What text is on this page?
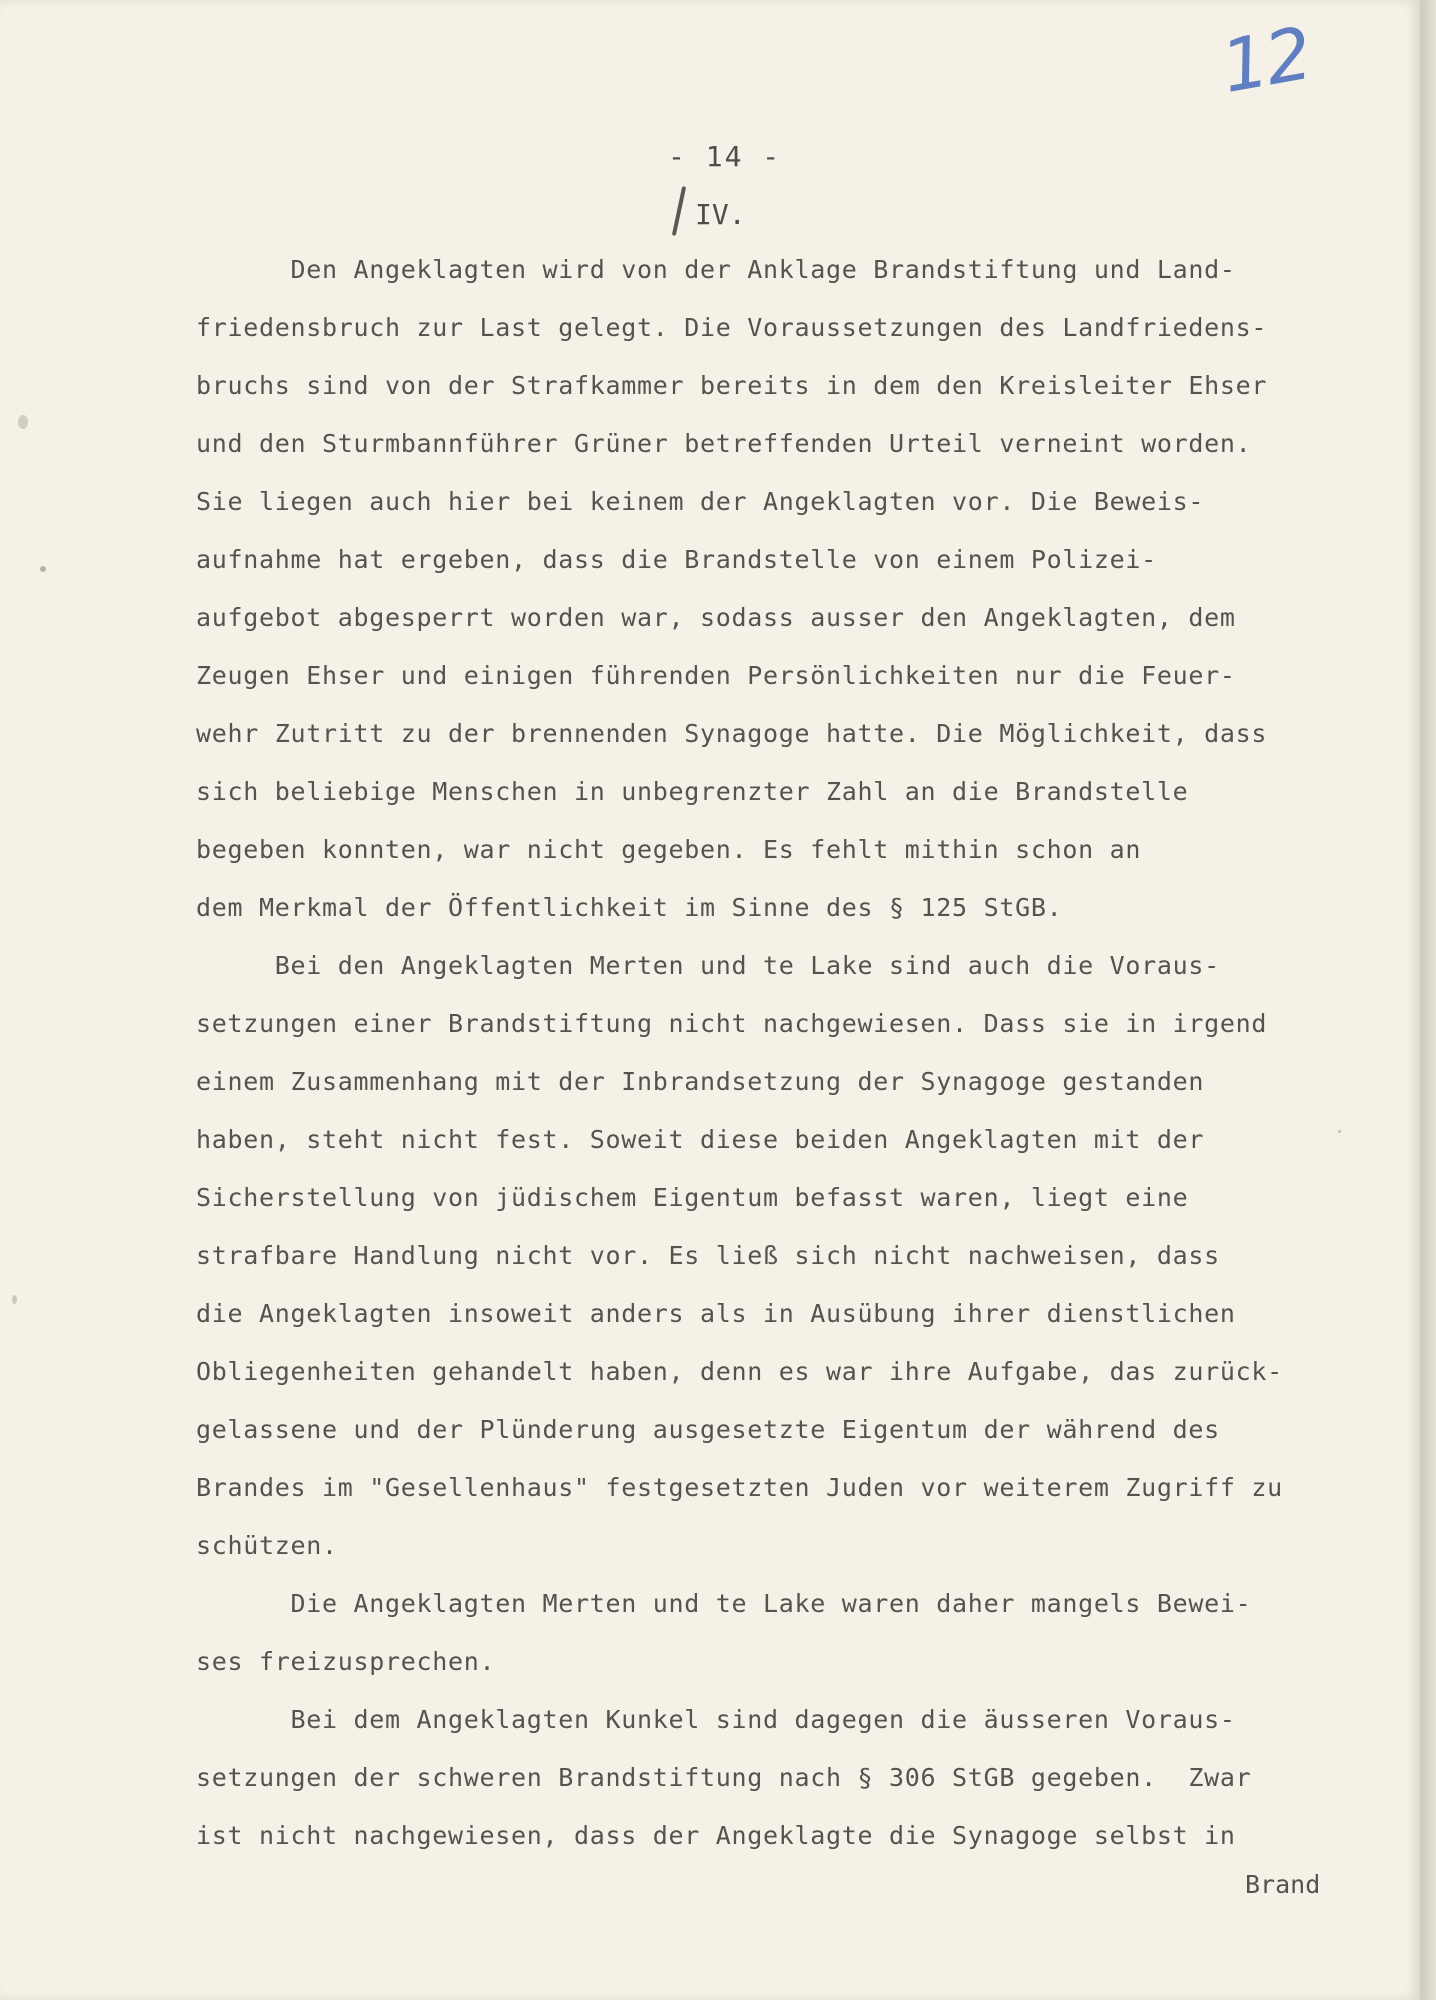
12
- 14 -
IV.
Den Angeklagten wird von der Anklage Brandstiftung und Land-
friedensbruch zur Last gelegt. Die Voraussetzungen des Landfriedens-
bruchs sind von der Strafkammer bereits in dem den Kreisleiter Ehser
und den Sturmbannführer Grüner betreffenden Urteil verneint worden.
Sie liegen auch hier bei keinem der Angeklagten vor. Die Beweis-
aufnahme hat ergeben, dass die Brandstelle von einem Polizei-
aufgebot abgesperrt worden war, sodass ausser den Angeklagten, dem
Zeugen Ehser und einigen führenden Persönlichkeiten nur die Feuer-
wehr Zutritt zu der brennenden Synagoge hatte. Die Möglichkeit, dass
sich beliebige Menschen in unbegrenzter Zahl an die Brandstelle
begeben konnten, war nicht gegeben. Es fehlt mithin schon an
dem Merkmal der Öffentlichkeit im Sinne des § 125 StGB.
Bei den Angeklagten Merten und te Lake sind auch die Voraus-
setzungen einer Brandstiftung nicht nachgewiesen. Dass sie in irgend
einem Zusammenhang mit der Inbrandsetzung der Synagoge gestanden
haben, steht nicht fest. Soweit diese beiden Angeklagten mit der
Sicherstellung von jüdischem Eigentum befasst waren, liegt eine
strafbare Handlung nicht vor. Es ließ sich nicht nachweisen, dass
die Angeklagten insoweit anders als in Ausübung ihrer dienstlichen
Obliegenheiten gehandelt haben, denn es war ihre Aufgabe, das zurück-
gelassene und der Plünderung ausgesetzte Eigentum der während des
Brandes im "Gesellenhaus" festgesetzten Juden vor weiterem Zugriff zu
schützen.
Die Angeklagten Merten und te Lake waren daher mangels Bewei-
ses freizusprechen.
Bei dem Angeklagten Kunkel sind dagegen die äusseren Voraus-
setzungen der schweren Brandstiftung nach § 306 StGB gegeben.  Zwar
ist nicht nachgewiesen, dass der Angeklagte die Synagoge selbst in
Brand
